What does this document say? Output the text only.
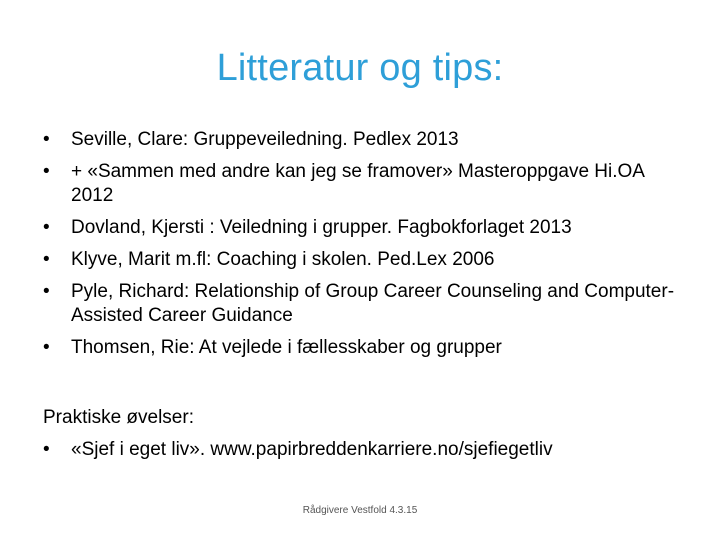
Litteratur og tips:
•	Seville, Clare: Gruppeveiledning. Pedlex 2013
•	+ «Sammen med andre kan jeg se framover» Masteroppgave Hi.OA 2012
•	Dovland, Kjersti : Veiledning i grupper. Fagbokforlaget 2013
•	Klyve, Marit m.fl: Coaching i skolen. Ped.Lex 2006
•	Pyle, Richard: Relationship of Group Career Counseling and Computer-Assisted Career Guidance
•	Thomsen, Rie: At vejlede i fællesskaber og grupper
Praktiske øvelser:
• «Sjef i eget liv». www.papirbreddenkarriere.no/sjefiegetliv
Rådgivere Vestfold 4.3.15
